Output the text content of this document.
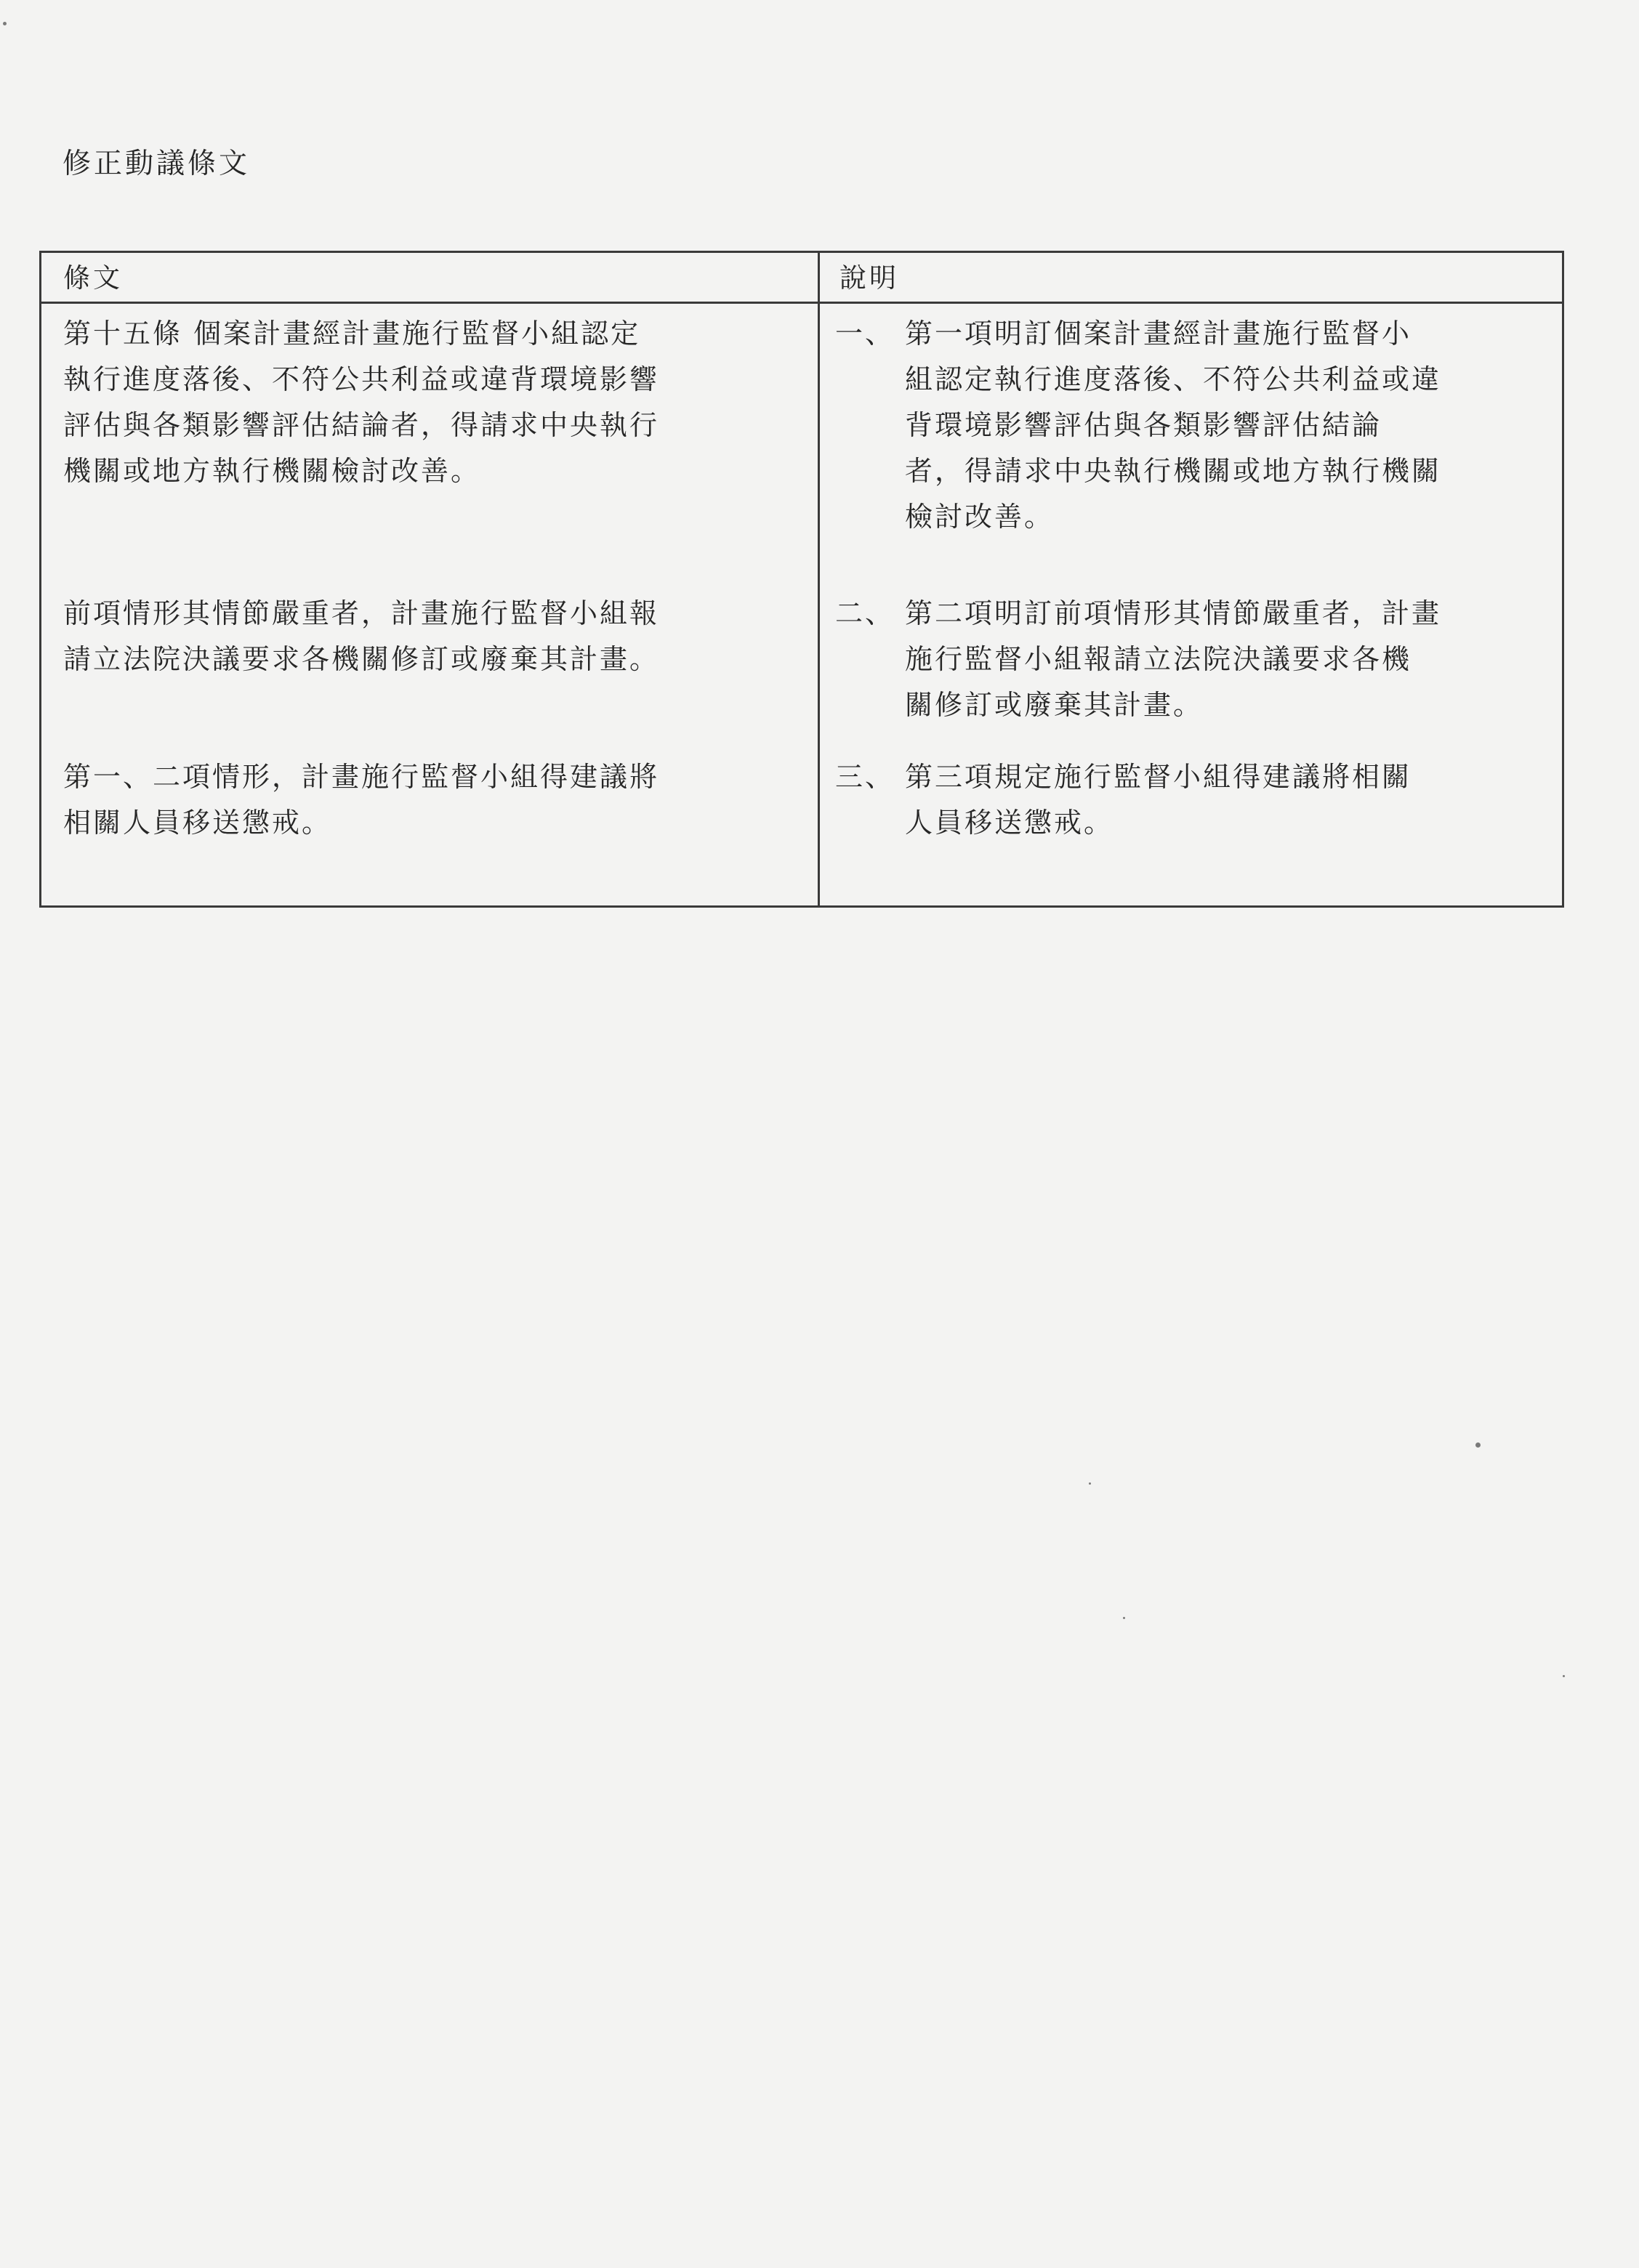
修正動議條文
條文	說明
第十五條 個案計畫經計畫施行監督小組認定
執行進度落後、不符公共利益或違背環境影響
評估與各類影響評估結論者，得請求中央執行
機關或地方執行機關檢討改善。
前項情形其情節嚴重者，計畫施行監督小組報
請立法院決議要求各機關修訂或廢棄其計畫。
第一、二項情形，計畫施行監督小組得建議將
相關人員移送懲戒。
一、 第一項明訂個案計畫經計畫施行監督小
組認定執行進度落後、不符公共利益或違
背環境影響評估與各類影響評估結論
者，得請求中央執行機關或地方執行機關
檢討改善。
二、 第二項明訂前項情形其情節嚴重者，計畫
施行監督小組報請立法院決議要求各機
關修訂或廢棄其計畫。
三、 第三項規定施行監督小組得建議將相關
人員移送懲戒。
